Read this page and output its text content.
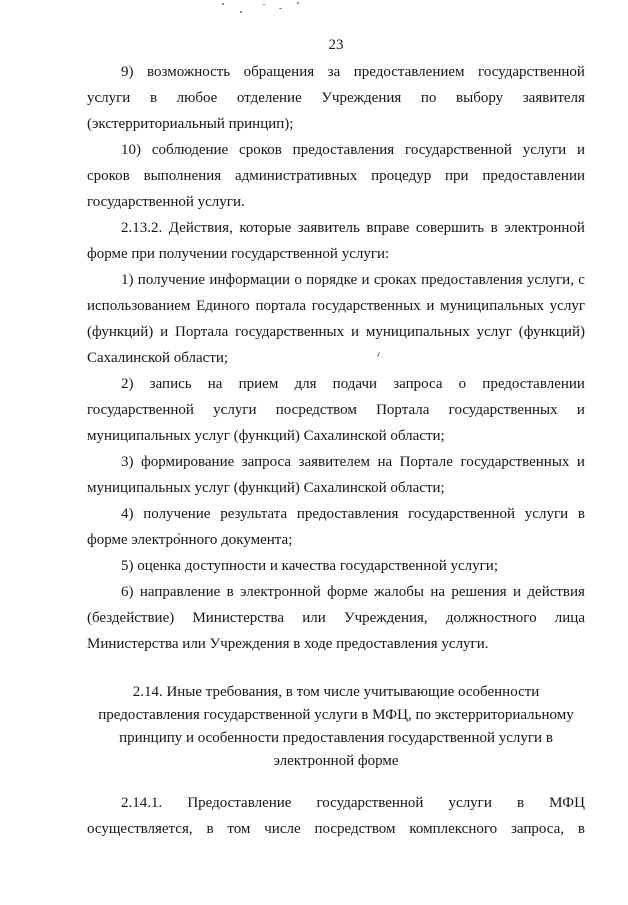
23
9) возможность обращения за предоставлением государственной
услуги в любое отделение Учреждения по выбору заявителя
(экстерриториальный принцип);
10) соблюдение сроков предоставления государственной услуги и
сроков выполнения административных процедур при предоставлении
государственной услуги.
2.13.2. Действия, которые заявитель вправе совершить в электронной
форме при получении государственной услуги:
1) получение информации о порядке и сроках предоставления услуги, с
использованием Единого портала государственных и муниципальных услуг
(функций) и Портала государственных и муниципальных услуг (функций)
Сахалинской области;
2) запись на прием для подачи запроса о предоставлении
государственной услуги посредством Портала государственных и
муниципальных услуг (функций) Сахалинской области;
3) формирование запроса заявителем на Портале государственных и
муниципальных услуг (функций) Сахалинской области;
4) получение результата предоставления государственной услуги в
форме электронного документа;
5) оценка доступности и качества государственной услуги;
6) направление в электронной форме жалобы на решения и действия
(бездействие) Министерства или Учреждения, должностного лица
Министерства или Учреждения в ходе предоставления услуги.
2.14. Иные требования, в том числе учитывающие особенности
предоставления государственной услуги в МФЦ, по экстерриториальному
принципу и особенности предоставления государственной услуги в
электронной форме
2.14.1. Предоставление государственной услуги в МФЦ
осуществляется, в том числе посредством комплексного запроса, в
